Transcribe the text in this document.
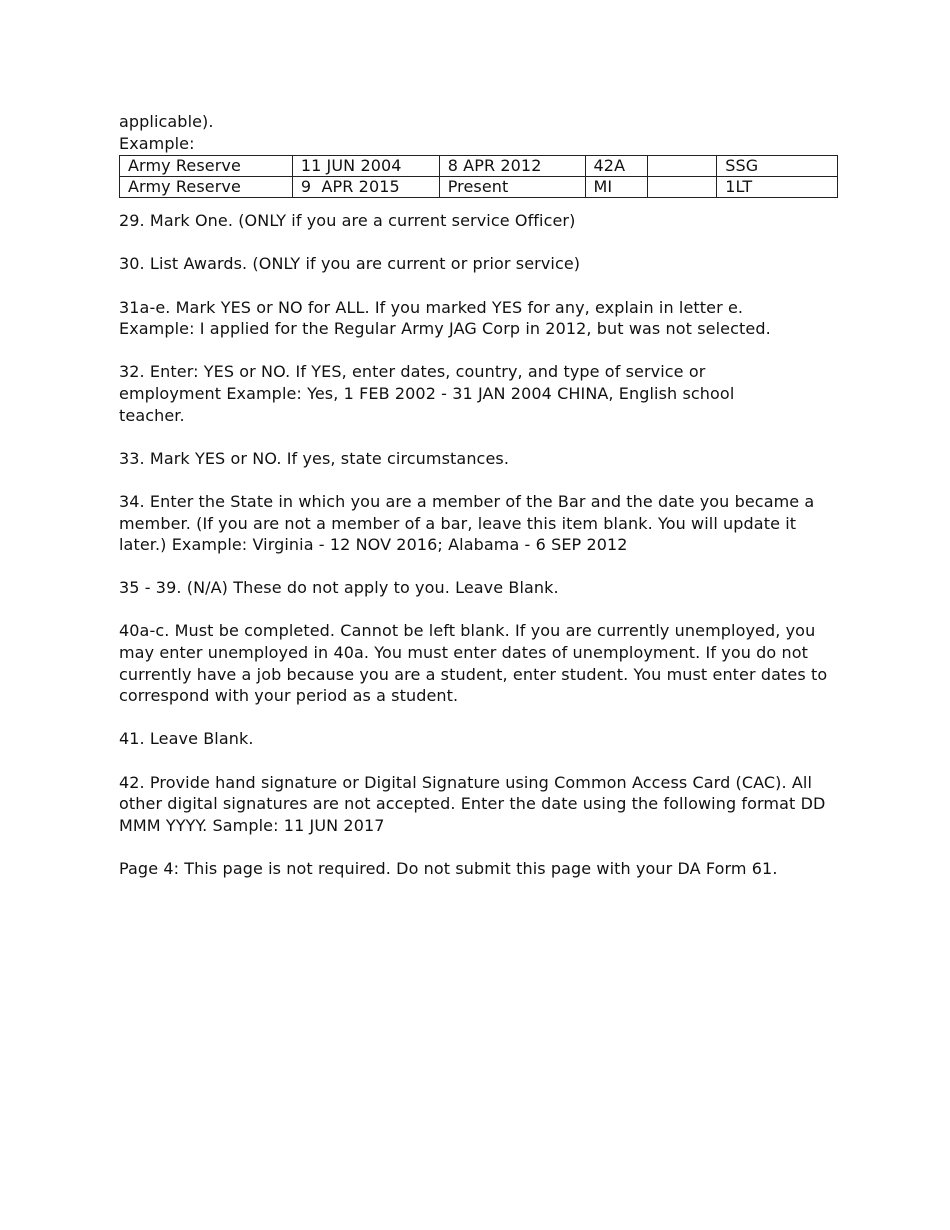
applicable).
Example:
Army Reserve	11 JUN 2004	8 APR 2012	42A		SSG
Army Reserve	9  APR 2015	Present	MI		1LT
29. Mark One. (ONLY if you are a current service Officer)
30. List Awards. (ONLY if you are current or prior service)
31a-e. Mark YES or NO for ALL. If you marked YES for any, explain in letter e.
Example: I applied for the Regular Army JAG Corp in 2012, but was not selected.
32. Enter: YES or NO. If YES, enter dates, country, and type of service or
employment Example: Yes, 1 FEB 2002 - 31 JAN 2004 CHINA, English school
teacher.
33. Mark YES or NO. If yes, state circumstances.
34. Enter the State in which you are a member of the Bar and the date you became a
member. (If you are not a member of a bar, leave this item blank. You will update it
later.) Example: Virginia - 12 NOV 2016; Alabama - 6 SEP 2012
35 - 39. (N/A) These do not apply to you. Leave Blank.
40a-c. Must be completed. Cannot be left blank. If you are currently unemployed, you
may enter unemployed in 40a. You must enter dates of unemployment. If you do not
currently have a job because you are a student, enter student. You must enter dates to
correspond with your period as a student.
41. Leave Blank.
42. Provide hand signature or Digital Signature using Common Access Card (CAC). All
other digital signatures are not accepted. Enter the date using the following format DD
MMM YYYY. Sample: 11 JUN 2017
Page 4: This page is not required. Do not submit this page with your DA Form 61.
